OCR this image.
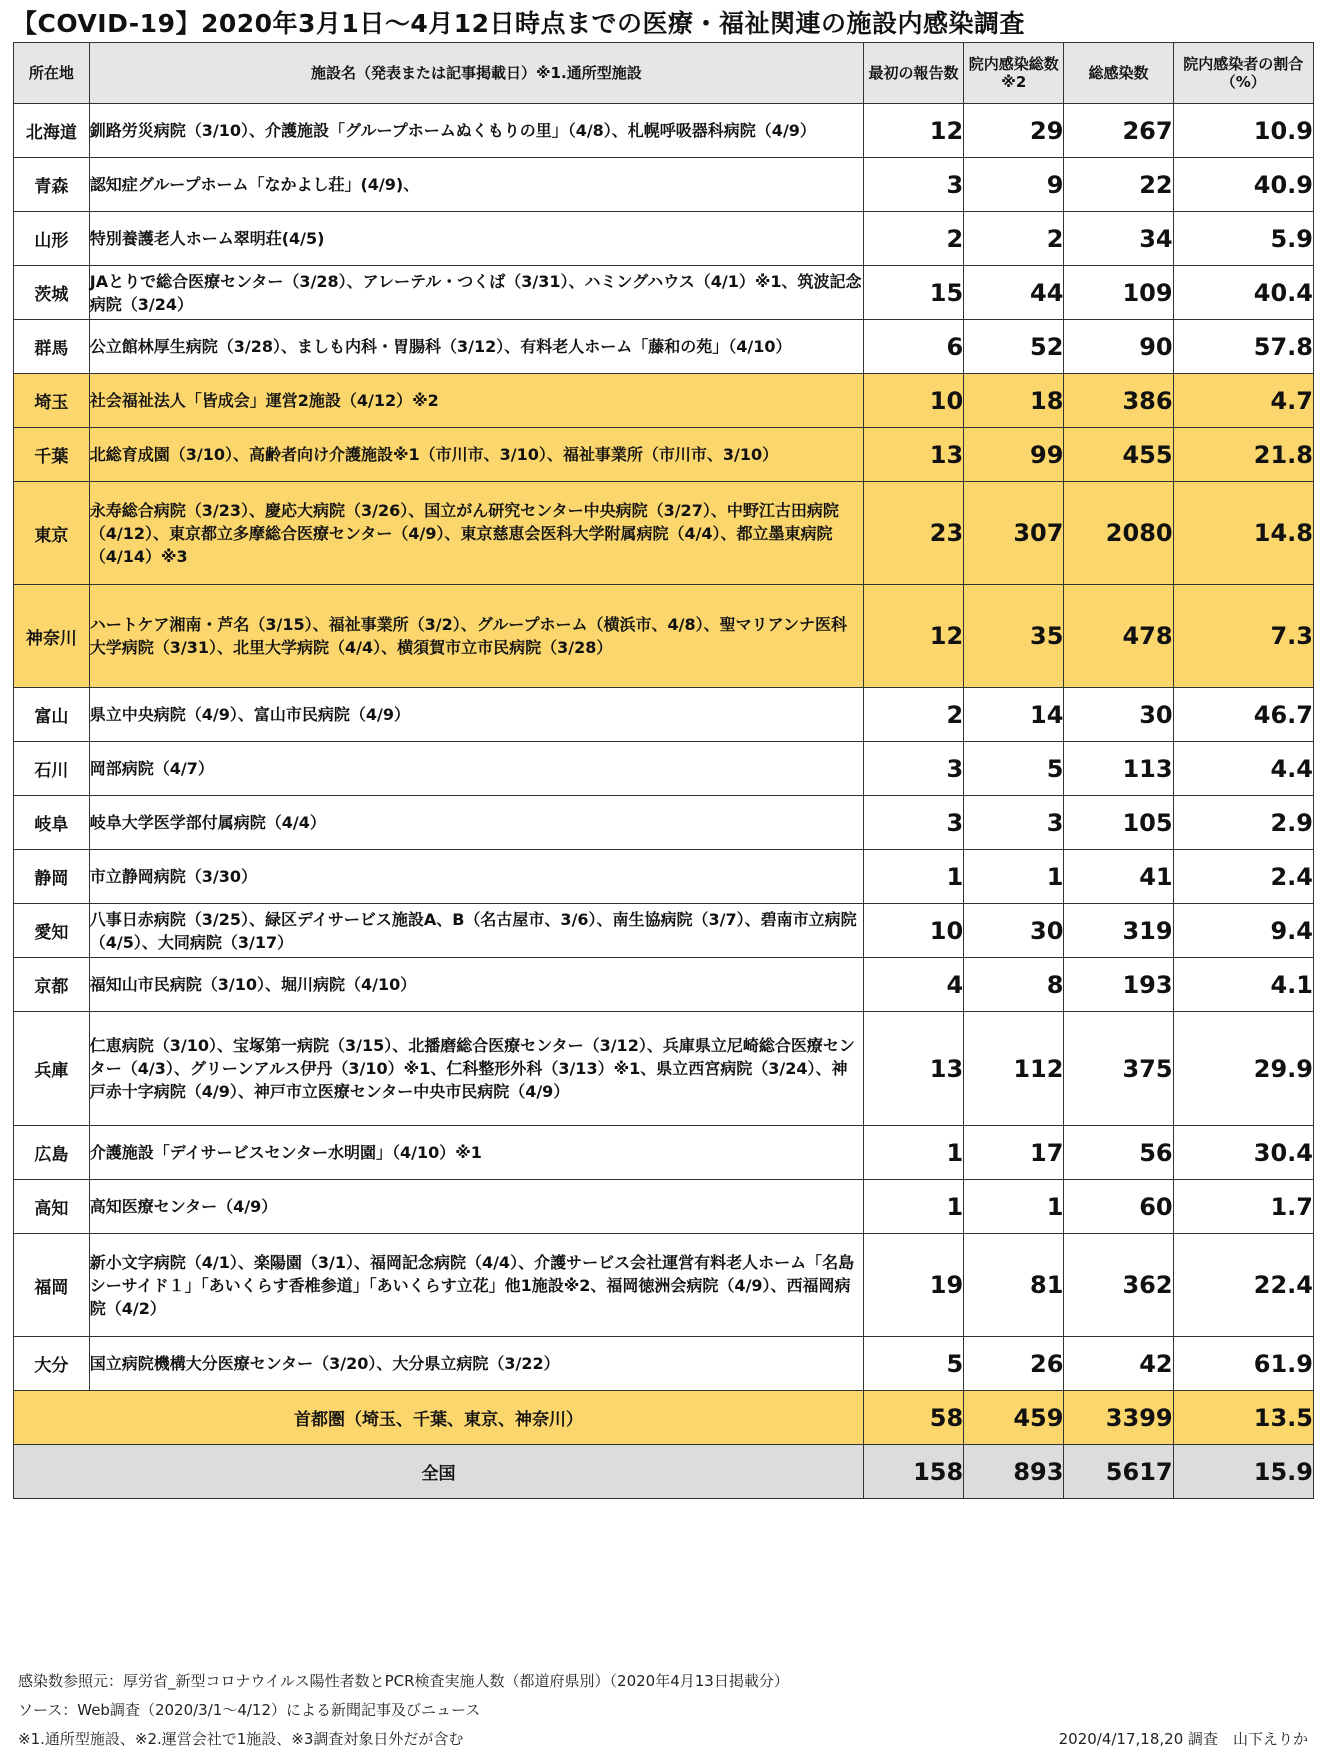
【COVID-19】2020年3月1日～4月12日時点までの医療・福祉関連の施設内感染調査
所在地	施設名（発表または記事掲載日）※1.通所型施設	最初の報告数	院内感染総数※2	総感染数	院内感染者の割合（%）
北海道	釧路労災病院（3/10）、介護施設「グループホームぬくもりの里」（4/8）、札幌呼吸器科病院（4/9）	12	29	267	10.9
青森	認知症グループホーム「なかよし荘」(4/9)、	3	9	22	40.9
山形	特別養護老人ホーム翠明荘(4/5)	2	2	34	5.9
茨城	JAとりで総合医療センター（3/28）、アレーテル・つくば（3/31）、ハミングハウス（4/1）※1、筑波記念病院（3/24）	15	44	109	40.4
群馬	公立館林厚生病院（3/28）、ましも内科・胃腸科（3/12）、有料老人ホーム「藤和の苑」（4/10）	6	52	90	57.8
埼玉	社会福祉法人「皆成会」運営2施設（4/12）※2	10	18	386	4.7
千葉	北総育成園（3/10）、高齢者向け介護施設※1（市川市、3/10）、福祉事業所（市川市、3/10）	13	99	455	21.8
東京	永寿総合病院（3/23）、慶応大病院（3/26）、国立がん研究センター中央病院（3/27）、中野江古田病院（4/12）、東京都立多摩総合医療センター（4/9）、東京慈恵会医科大学附属病院（4/4）、都立墨東病院（4/14）※3	23	307	2080	14.8
神奈川	ハートケア湘南・芦名（3/15）、福祉事業所（3/2）、グループホーム（横浜市、4/8）、聖マリアンナ医科大学病院（3/31）、北里大学病院（4/4）、横須賀市立市民病院（3/28）	12	35	478	7.3
富山	県立中央病院（4/9）、富山市民病院（4/9）	2	14	30	46.7
石川	岡部病院（4/7）	3	5	113	4.4
岐阜	岐阜大学医学部付属病院（4/4）	3	3	105	2.9
静岡	市立静岡病院（3/30）	1	1	41	2.4
愛知	八事日赤病院（3/25）、緑区デイサービス施設A、B（名古屋市、3/6）、南生協病院（3/7）、碧南市立病院（4/5）、大同病院（3/17）	10	30	319	9.4
京都	福知山市民病院（3/10）、堀川病院（4/10）	4	8	193	4.1
兵庫	仁恵病院（3/10）、宝塚第一病院（3/15）、北播磨総合医療センター（3/12）、兵庫県立尼崎総合医療センター（4/3）、グリーンアルス伊丹（3/10）※1、仁科整形外科（3/13）※1、県立西宮病院（3/24）、神戸赤十字病院（4/9）、神戸市立医療センター中央市民病院（4/9）	13	112	375	29.9
広島	介護施設「デイサービスセンター水明園」（4/10）※1	1	17	56	30.4
高知	高知医療センター（4/9）	1	1	60	1.7
福岡	新小文字病院（4/1）、楽陽園（3/1）、福岡記念病院（4/4）、介護サービス会社運営有料老人ホーム「名島シーサイド１」「あいくらす香椎参道」「あいくらす立花」他1施設※2、福岡徳洲会病院（4/9）、西福岡病院（4/2）	19	81	362	22.4
大分	国立病院機構大分医療センター（3/20）、大分県立病院（3/22）	5	26	42	61.9
首都圏（埼玉、千葉、東京、神奈川）		58	459	3399	13.5
全国		158	893	5617	15.9
感染数参照元：厚労省_新型コロナウイルス陽性者数とPCR検査実施人数（都道府県別）（2020年4月13日掲載分）
ソース：Web調査（2020/3/1～4/12）による新聞記事及びニュース
※1.通所型施設、※2.運営会社で1施設、※3調査対象日外だが含む	2020/4/17,18,20 調査　山下えりか
